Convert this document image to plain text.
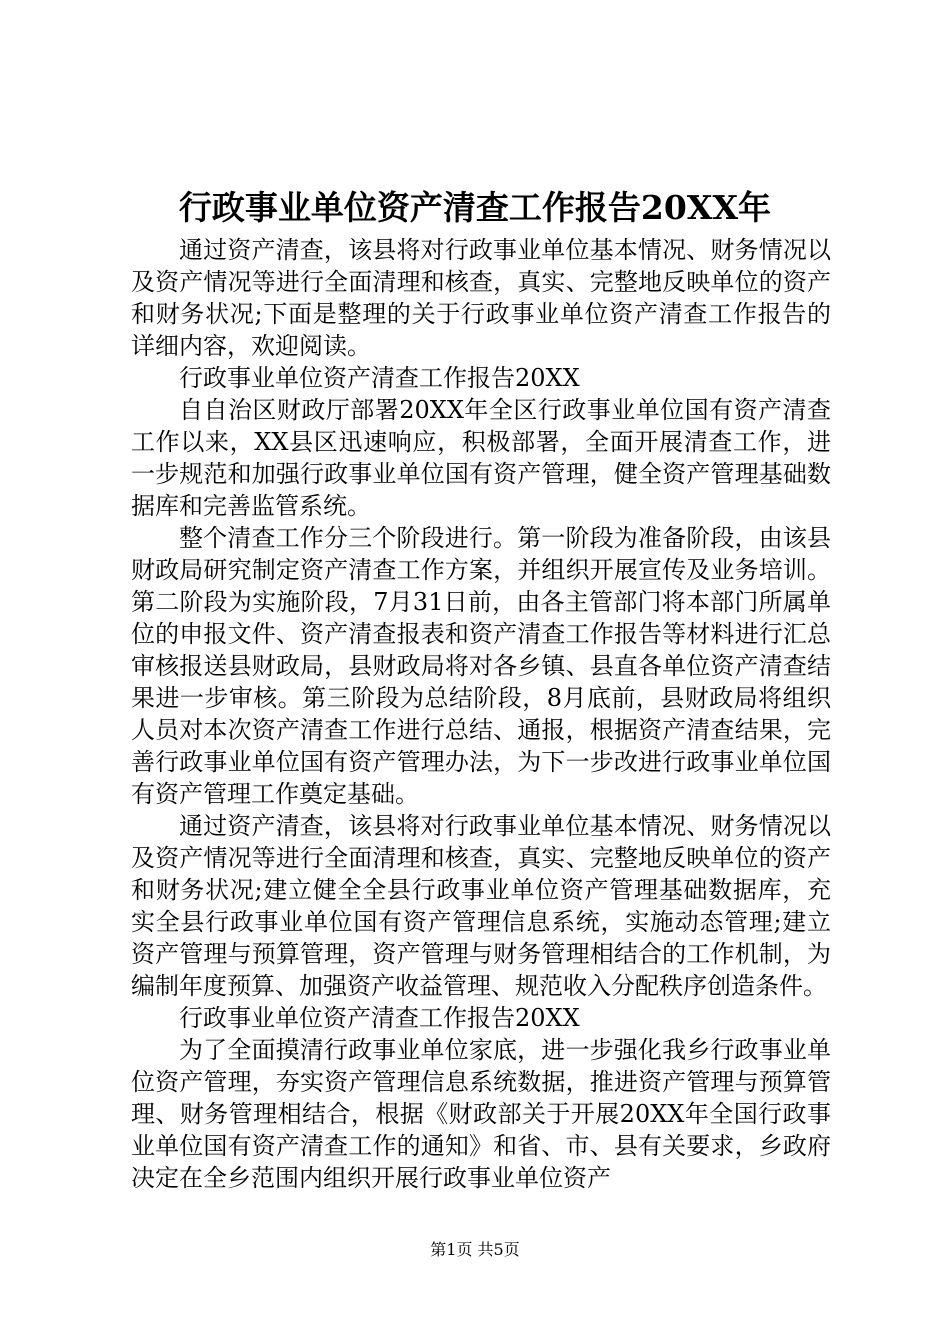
行政事业单位资产清查工作报告20XX年

通过资产清查，该县将对行政事业单位基本情况、财务情况以及资产情况等进行全面清理和核查，真实、完整地反映单位的资产和财务状况;下面是整理的关于行政事业单位资产清查工作报告的详细内容，欢迎阅读。

行政事业单位资产清查工作报告20XX

自自治区财政厅部署20XX年全区行政事业单位国有资产清查工作以来，XX县区迅速响应，积极部署，全面开展清查工作，进一步规范和加强行政事业单位国有资产管理，健全资产管理基础数据库和完善监管系统。

整个清查工作分三个阶段进行。第一阶段为准备阶段，由该县财政局研究制定资产清查工作方案，并组织开展宣传及业务培训。第二阶段为实施阶段，7月31日前，由各主管部门将本部门所属单位的申报文件、资产清查报表和资产清查工作报告等材料进行汇总审核报送县财政局，县财政局将对各乡镇、县直各单位资产清查结果进一步审核。第三阶段为总结阶段，8月底前，县财政局将组织人员对本次资产清查工作进行总结、通报，根据资产清查结果，完善行政事业单位国有资产管理办法，为下一步改进行政事业单位国有资产管理工作奠定基础。

通过资产清查，该县将对行政事业单位基本情况、财务情况以及资产情况等进行全面清理和核查，真实、完整地反映单位的资产和财务状况;建立健全全县行政事业单位资产管理基础数据库，充实全县行政事业单位国有资产管理信息系统，实施动态管理;建立资产管理与预算管理，资产管理与财务管理相结合的工作机制，为编制年度预算、加强资产收益管理、规范收入分配秩序创造条件。

行政事业单位资产清查工作报告20XX

为了全面摸清行政事业单位家底，进一步强化我乡行政事业单位资产管理，夯实资产管理信息系统数据，推进资产管理与预算管理、财务管理相结合，根据《财政部关于开展20XX年全国行政事业单位国有资产清查工作的通知》和省、市、县有关要求，乡政府决定在全乡范围内组织开展行政事业单位资产

第1页 共5页
